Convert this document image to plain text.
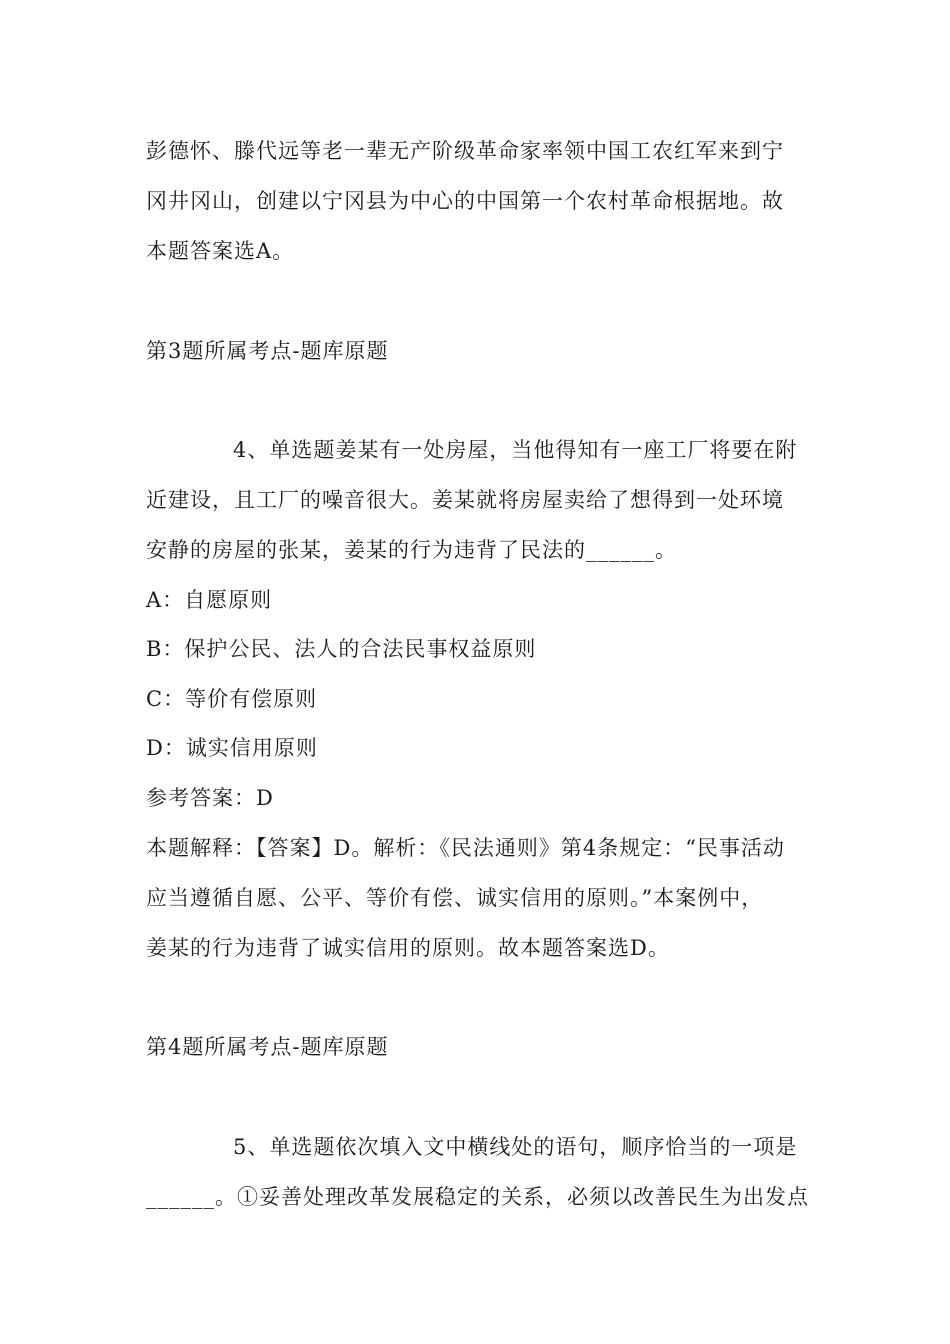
彭德怀、滕代远等老一辈无产阶级革命家率领中国工农红军来到宁
冈井冈山，创建以宁冈县为中心的中国第一个农村革命根据地。故
本题答案选A。
第3题所属考点-题库原题
4、单选题姜某有一处房屋，当他得知有一座工厂将要在附
近建设，且工厂的噪音很大。姜某就将房屋卖给了想得到一处环境
安静的房屋的张某，姜某的行为违背了民法的______。
A：自愿原则
B：保护公民、法人的合法民事权益原则
C：等价有偿原则
D：诚实信用原则
参考答案：D
本题解释：【答案】D。解析：《民法通则》第4条规定：“民事活动
应当遵循自愿、公平、等价有偿、诚实信用的原则。”本案例中，
姜某的行为违背了诚实信用的原则。故本题答案选D。
第4题所属考点-题库原题
5、单选题依次填入文中横线处的语句，顺序恰当的一项是
______。①妥善处理改革发展稳定的关系，必须以改善民生为出发点
